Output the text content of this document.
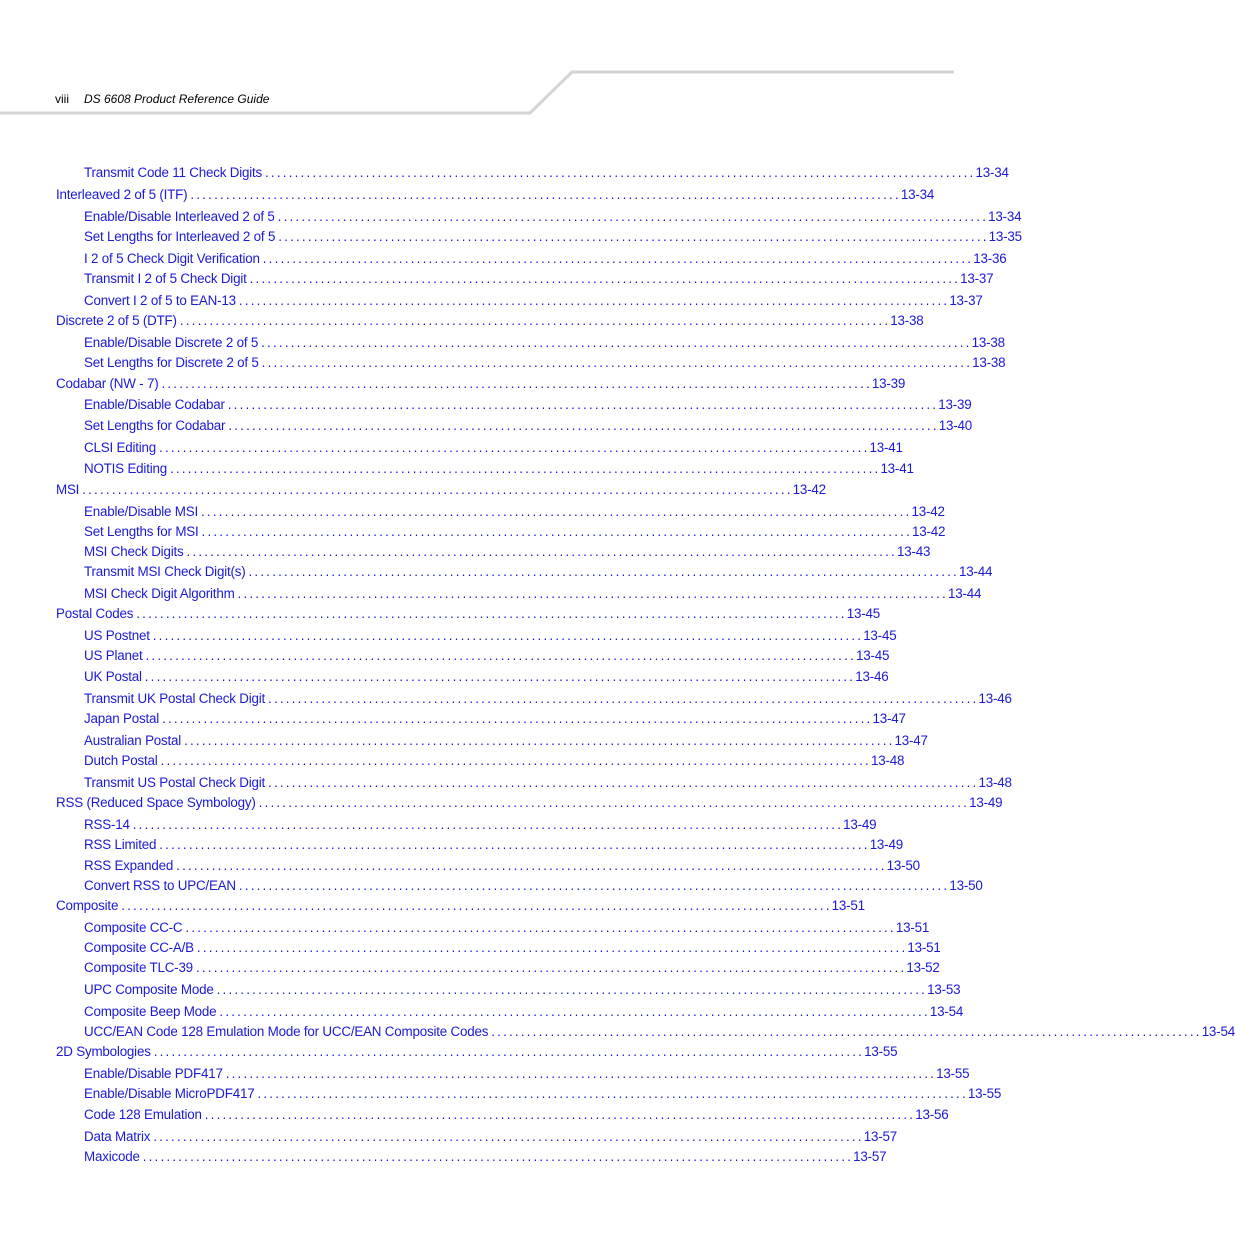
viii DS 6608 Product Reference Guide
Transmit Code 11 Check Digits ........................................................................................................................ 13-34
Interleaved 2 of 5 (ITF) ........................................................................................................................ 13-34
Enable/Disable Interleaved 2 of 5 ........................................................................................................................ 13-34
Set Lengths for Interleaved 2 of 5 ........................................................................................................................ 13-35
I 2 of 5 Check Digit Verification ........................................................................................................................ 13-36
Transmit I 2 of 5 Check Digit ........................................................................................................................ 13-37
Convert I 2 of 5 to EAN-13 ........................................................................................................................ 13-37
Discrete 2 of 5 (DTF) ........................................................................................................................ 13-38
Enable/Disable Discrete 2 of 5 ........................................................................................................................ 13-38
Set Lengths for Discrete 2 of 5 ........................................................................................................................ 13-38
Codabar (NW - 7) ........................................................................................................................ 13-39
Enable/Disable Codabar ........................................................................................................................ 13-39
Set Lengths for Codabar ........................................................................................................................ 13-40
CLSI Editing ........................................................................................................................ 13-41
NOTIS Editing ........................................................................................................................ 13-41
MSI ........................................................................................................................ 13-42
Enable/Disable MSI ........................................................................................................................ 13-42
Set Lengths for MSI ........................................................................................................................ 13-42
MSI Check Digits ........................................................................................................................ 13-43
Transmit MSI Check Digit(s) ........................................................................................................................ 13-44
MSI Check Digit Algorithm ........................................................................................................................ 13-44
Postal Codes ........................................................................................................................ 13-45
US Postnet ........................................................................................................................ 13-45
US Planet ........................................................................................................................ 13-45
UK Postal ........................................................................................................................ 13-46
Transmit UK Postal Check Digit ........................................................................................................................ 13-46
Japan Postal ........................................................................................................................ 13-47
Australian Postal ........................................................................................................................ 13-47
Dutch Postal ........................................................................................................................ 13-48
Transmit US Postal Check Digit ........................................................................................................................ 13-48
RSS (Reduced Space Symbology) ........................................................................................................................ 13-49
RSS-14 ........................................................................................................................ 13-49
RSS Limited ........................................................................................................................ 13-49
RSS Expanded ........................................................................................................................ 13-50
Convert RSS to UPC/EAN ........................................................................................................................ 13-50
Composite ........................................................................................................................ 13-51
Composite CC-C ........................................................................................................................ 13-51
Composite CC-A/B ........................................................................................................................ 13-51
Composite TLC-39 ........................................................................................................................ 13-52
UPC Composite Mode ........................................................................................................................ 13-53
Composite Beep Mode ........................................................................................................................ 13-54
UCC/EAN Code 128 Emulation Mode for UCC/EAN Composite Codes ........................................................................................................................ 13-54
2D Symbologies ........................................................................................................................ 13-55
Enable/Disable PDF417 ........................................................................................................................ 13-55
Enable/Disable MicroPDF417 ........................................................................................................................ 13-55
Code 128 Emulation ........................................................................................................................ 13-56
Data Matrix ........................................................................................................................ 13-57
Maxicode ........................................................................................................................ 13-57
